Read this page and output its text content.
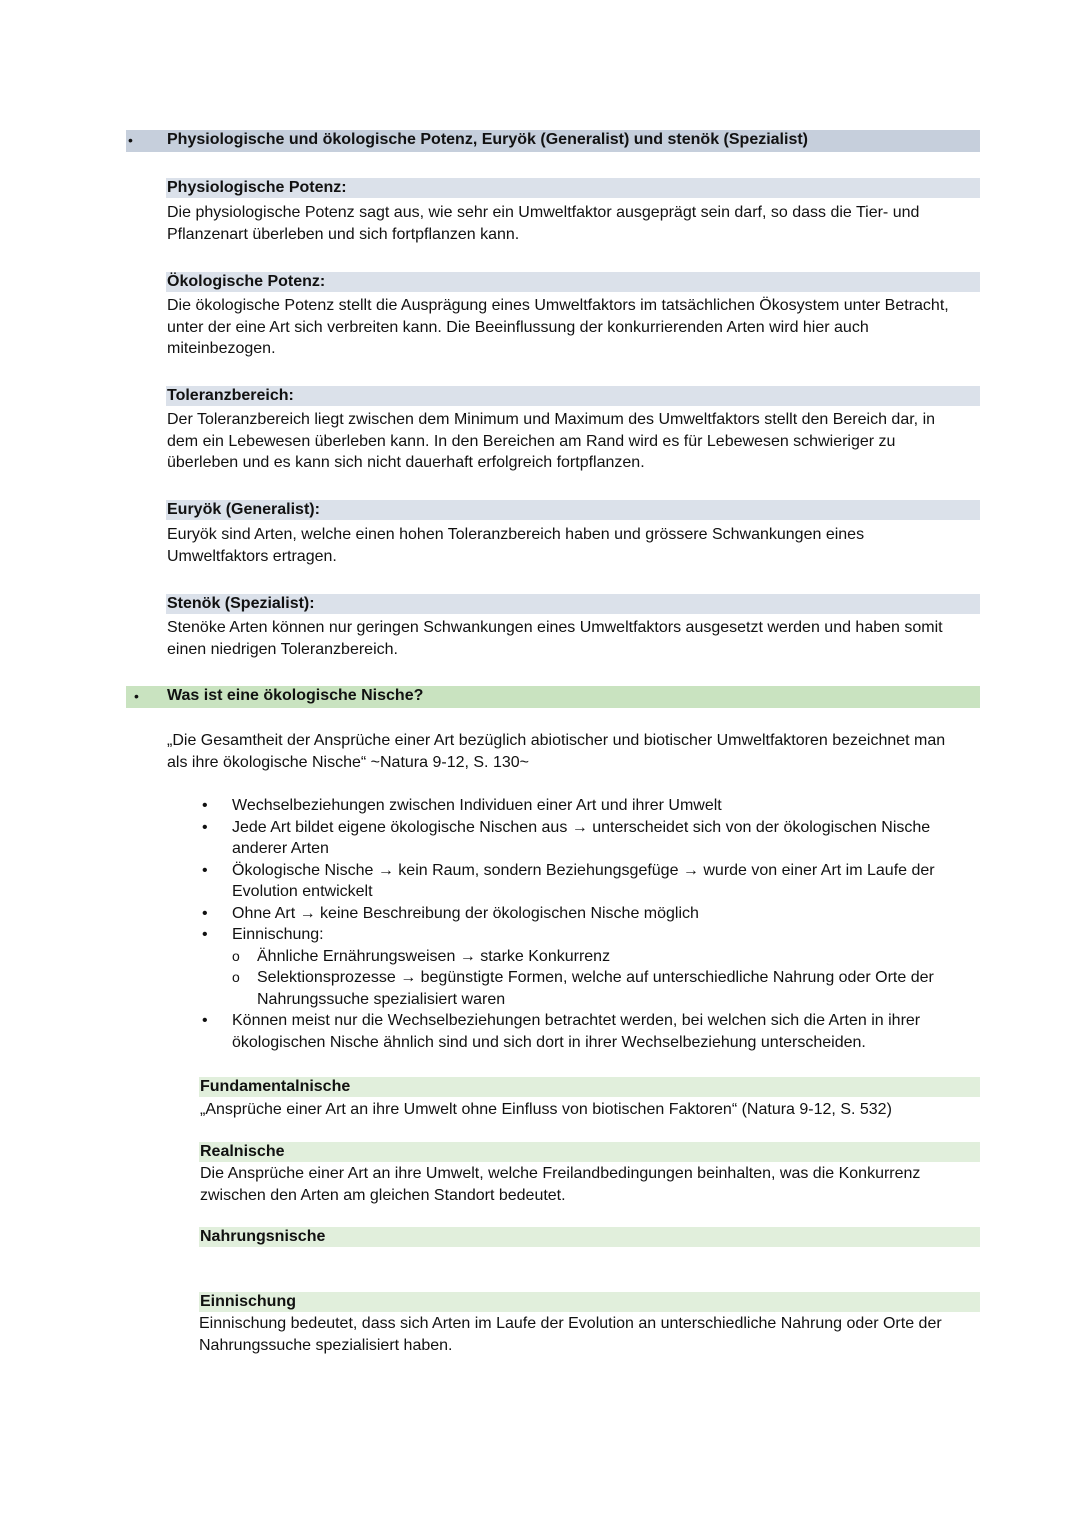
• Physiologische und ökologische Potenz, Euryök (Generalist) und stenök (Spezialist)
Physiologische Potenz:
Die physiologische Potenz sagt aus, wie sehr ein Umweltfaktor ausgeprägt sein darf, so dass die Tier- und
Pflanzenart überleben und sich fortpflanzen kann.
Ökologische Potenz:
Die ökologische Potenz stellt die Ausprägung eines Umweltfaktors im tatsächlichen Ökosystem unter Betracht,
unter der eine Art sich verbreiten kann. Die Beeinflussung der konkurrierenden Arten wird hier auch
miteinbezogen.
Toleranzbereich:
Der Toleranzbereich liegt zwischen dem Minimum und Maximum des Umweltfaktors stellt den Bereich dar, in
dem ein Lebewesen überleben kann. In den Bereichen am Rand wird es für Lebewesen schwieriger zu
überleben und es kann sich nicht dauerhaft erfolgreich fortpflanzen.
Euryök (Generalist):
Euryök sind Arten, welche einen hohen Toleranzbereich haben und grössere Schwankungen eines
Umweltfaktors ertragen.
Stenök (Spezialist):
Stenöke Arten können nur geringen Schwankungen eines Umweltfaktors ausgesetzt werden und haben somit
einen niedrigen Toleranzbereich.
• Was ist eine ökologische Nische?
„Die Gesamtheit der Ansprüche einer Art bezüglich abiotischer und biotischer Umweltfaktoren bezeichnet man
als ihre ökologische Nische“ ~Natura 9-12, S. 130~
• Wechselbeziehungen zwischen Individuen einer Art und ihrer Umwelt
• Jede Art bildet eigene ökologische Nischen aus → unterscheidet sich von der ökologischen Nische anderer Arten
• Ökologische Nische → kein Raum, sondern Beziehungsgefüge → wurde von einer Art im Laufe der Evolution entwickelt
• Ohne Art → keine Beschreibung der ökologischen Nische möglich
• Einnischung:
o Ähnliche Ernährungsweisen → starke Konkurrenz
o Selektionsprozesse → begünstigte Formen, welche auf unterschiedliche Nahrung oder Orte der Nahrungssuche spezialisiert waren
• Können meist nur die Wechselbeziehungen betrachtet werden, bei welchen sich die Arten in ihrer ökologischen Nische ähnlich sind und sich dort in ihrer Wechselbeziehung unterscheiden.
Fundamentalnische
„Ansprüche einer Art an ihre Umwelt ohne Einfluss von biotischen Faktoren“ (Natura 9-12, S. 532)
Realnische
Die Ansprüche einer Art an ihre Umwelt, welche Freilandbedingungen beinhalten, was die Konkurrenz
zwischen den Arten am gleichen Standort bedeutet.
Nahrungsnische
Einnischung
Einnischung bedeutet, dass sich Arten im Laufe der Evolution an unterschiedliche Nahrung oder Orte der
Nahrungssuche spezialisiert haben.
